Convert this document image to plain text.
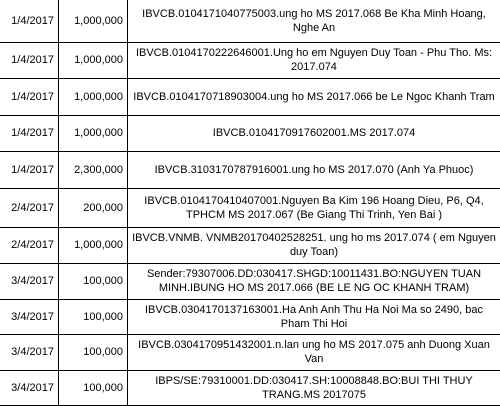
1/4/2017	1,000,000	IBVCB.0104171040775003.ung ho MS 2017.068 Be Kha Minh Hoang, Nghe An
1/4/2017	1,000,000	IBVCB.0104170222646001.Ung ho em Nguyen Duy Toan - Phu Tho. Ms: 2017.074
1/4/2017	1,000,000	IBVCB.0104170718903004.ung ho MS 2017.066 be Le Ngoc Khanh Tram
1/4/2017	1,000,000	IBVCB.0104170917602001.MS 2017.074
1/4/2017	2,300,000	IBVCB.3103170787916001.ung ho MS 2017.070 (Anh Ya Phuoc)
2/4/2017	200,000	IBVCB.0104170410407001.Nguyen Ba Kim 196 Hoang Dieu, P6, Q4, TPHCM MS 2017.067 (Be Giang Thi Trinh, Yen Bai )
2/4/2017	1,000,000	IBVCB.VNMB. VNMB20170402528251. ung ho ms 2017.074 ( em Nguyen duy Toan)
3/4/2017	100,000	Sender:79307006.DD:030417.SHGD:10011431.BO:NGUYEN TUAN MINH.IBUNG HO MS 2017.066 (BE LE NG OC KHANH TRAM)
3/4/2017	100,000	IBVCB.0304170137163001.Ha Anh Anh Thu Ha Noi Ma so 2490, bac Pham Thi Hoi
3/4/2017	100,000	IBVCB.0304170951432001.n.lan ung ho MS 2017.075 anh Duong Xuan Van
3/4/2017	100,000	IBPS/SE:79310001.DD:030417.SH:10008848.BO:BUI THI THUY TRANG.MS 2017075
